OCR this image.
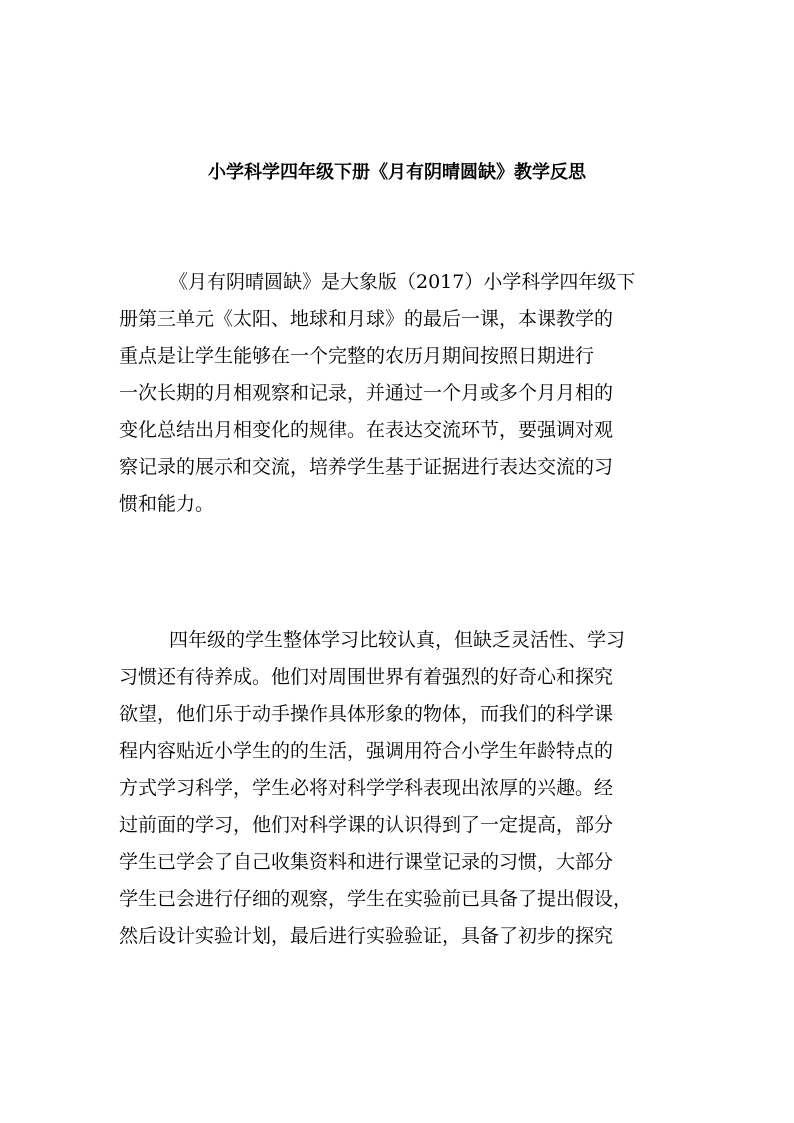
小学科学四年级下册《月有阴晴圆缺》教学反思
《月有阴晴圆缺》是大象版（2017）小学科学四年级下
册第三单元《太阳、地球和月球》的最后一课，本课教学的
重点是让学生能够在一个完整的农历月期间按照日期进行
一次长期的月相观察和记录，并通过一个月或多个月月相的
变化总结出月相变化的规律。在表达交流环节，要强调对观
察记录的展示和交流，培养学生基于证据进行表达交流的习
惯和能力。
四年级的学生整体学习比较认真，但缺乏灵活性、学习
习惯还有待养成。他们对周围世界有着强烈的好奇心和探究
欲望，他们乐于动手操作具体形象的物体，而我们的科学课
程内容贴近小学生的的生活，强调用符合小学生年龄特点的
方式学习科学，学生必将对科学学科表现出浓厚的兴趣。经
过前面的学习，他们对科学课的认识得到了一定提高，部分
学生已学会了自己收集资料和进行课堂记录的习惯，大部分
学生已会进行仔细的观察，学生在实验前已具备了提出假设，
然后设计实验计划，最后进行实验验证，具备了初步的探究
